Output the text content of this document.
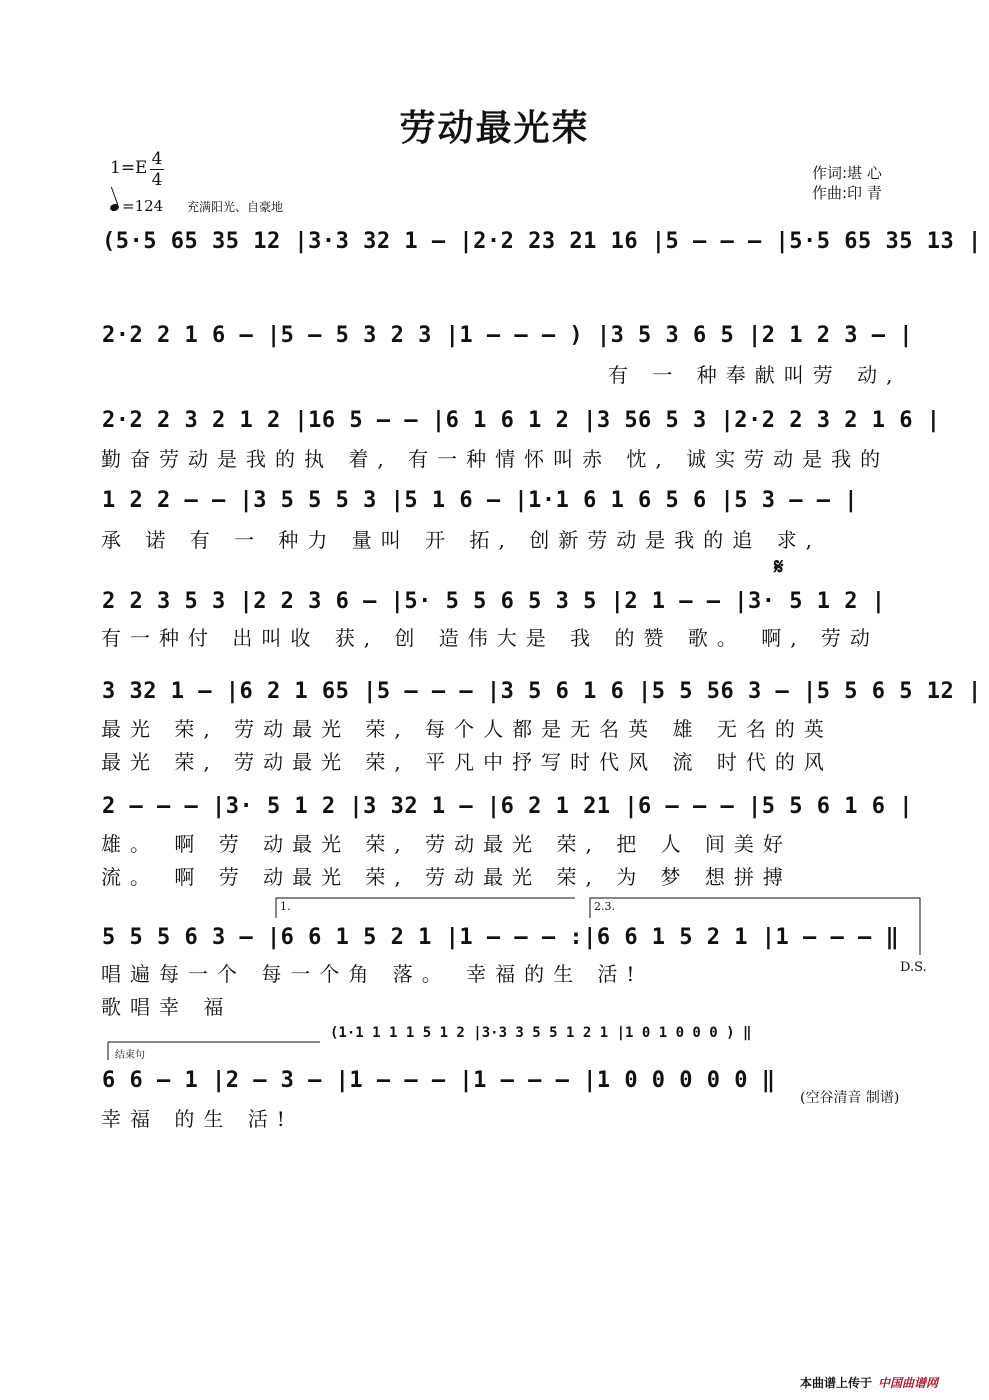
劳动最光荣
1=E 4
4
=124 充满阳光、自豪地
作词:堪 心
作曲:印 青
(5·5 65 35 12 |3·3 32 1 – |2·2 23 21 16 |5 – – – |5·5 65 35 13 |
2·2 2 1 6 – |5 – 5 3 2 3 |1 – – – ) |3 5 3 6 5 |2 1 2 3 – |
有 一 种奉献叫劳 动,
2·2 2 3 2 1 2 |16 5 – – |6 1 6 1 2 |3 56 5 3 |2·2 2 3 2 1 6 |
勤奋劳动是我的执 着, 有一种情怀叫赤 忱, 诚实劳动是我的
1 2 2 – – |3 5 5 5 3 |5 1 6 – |1·1 6 1 6 5 6 |5 3 – – |
承 诺 有 一 种力 量叫 开 拓, 创新劳动是我的追 求,
𝄋
2 2 3 5 3 |2 2 3 6 – |5· 5 5 6 5 3 5 |2 1 – – |3· 5 1 2 |
有一种付 出叫收 获, 创 造伟大是 我 的赞 歌。 啊, 劳动
3 32 1 – |6 2 1 65 |5 – – – |3 5 6 1 6 |5 5 56 3 – |5 5 6 5 12 |
最光 荣, 劳动最光 荣, 每个人都是无名英 雄 无名的英
最光 荣, 劳动最光 荣, 平凡中抒写时代风 流 时代的风
2 – – – |3· 5 1 2 |3 32 1 – |6 2 1 21 |6 – – – |5 5 6 1 6 |
雄。 啊 劳 动最光 荣, 劳动最光 荣, 把 人 间美好
流。 啊 劳 动最光 荣, 劳动最光 荣, 为 梦 想拼搏
1.	2.3.
5 5 5 6 3 – |6 6 1 5 2 1 |1 – – – :|6 6 1 5 2 1 |1 – – – ‖
唱遍每一个 每一个角 落。 幸福的生 活!
歌唱幸 福
D.S.
(1·1 1 1 1 5 1 2 |3·3 3 5 5 1 2 1 |1 0 1 0 0 0 ) ‖
结束句
6 6 – 1 |2 – 3 – |1 – – – |1 – – – |1 0 0 0 0 0 ‖
幸福 的生 活!
(空谷清音 制谱)
本曲谱上传于 中国曲谱网
